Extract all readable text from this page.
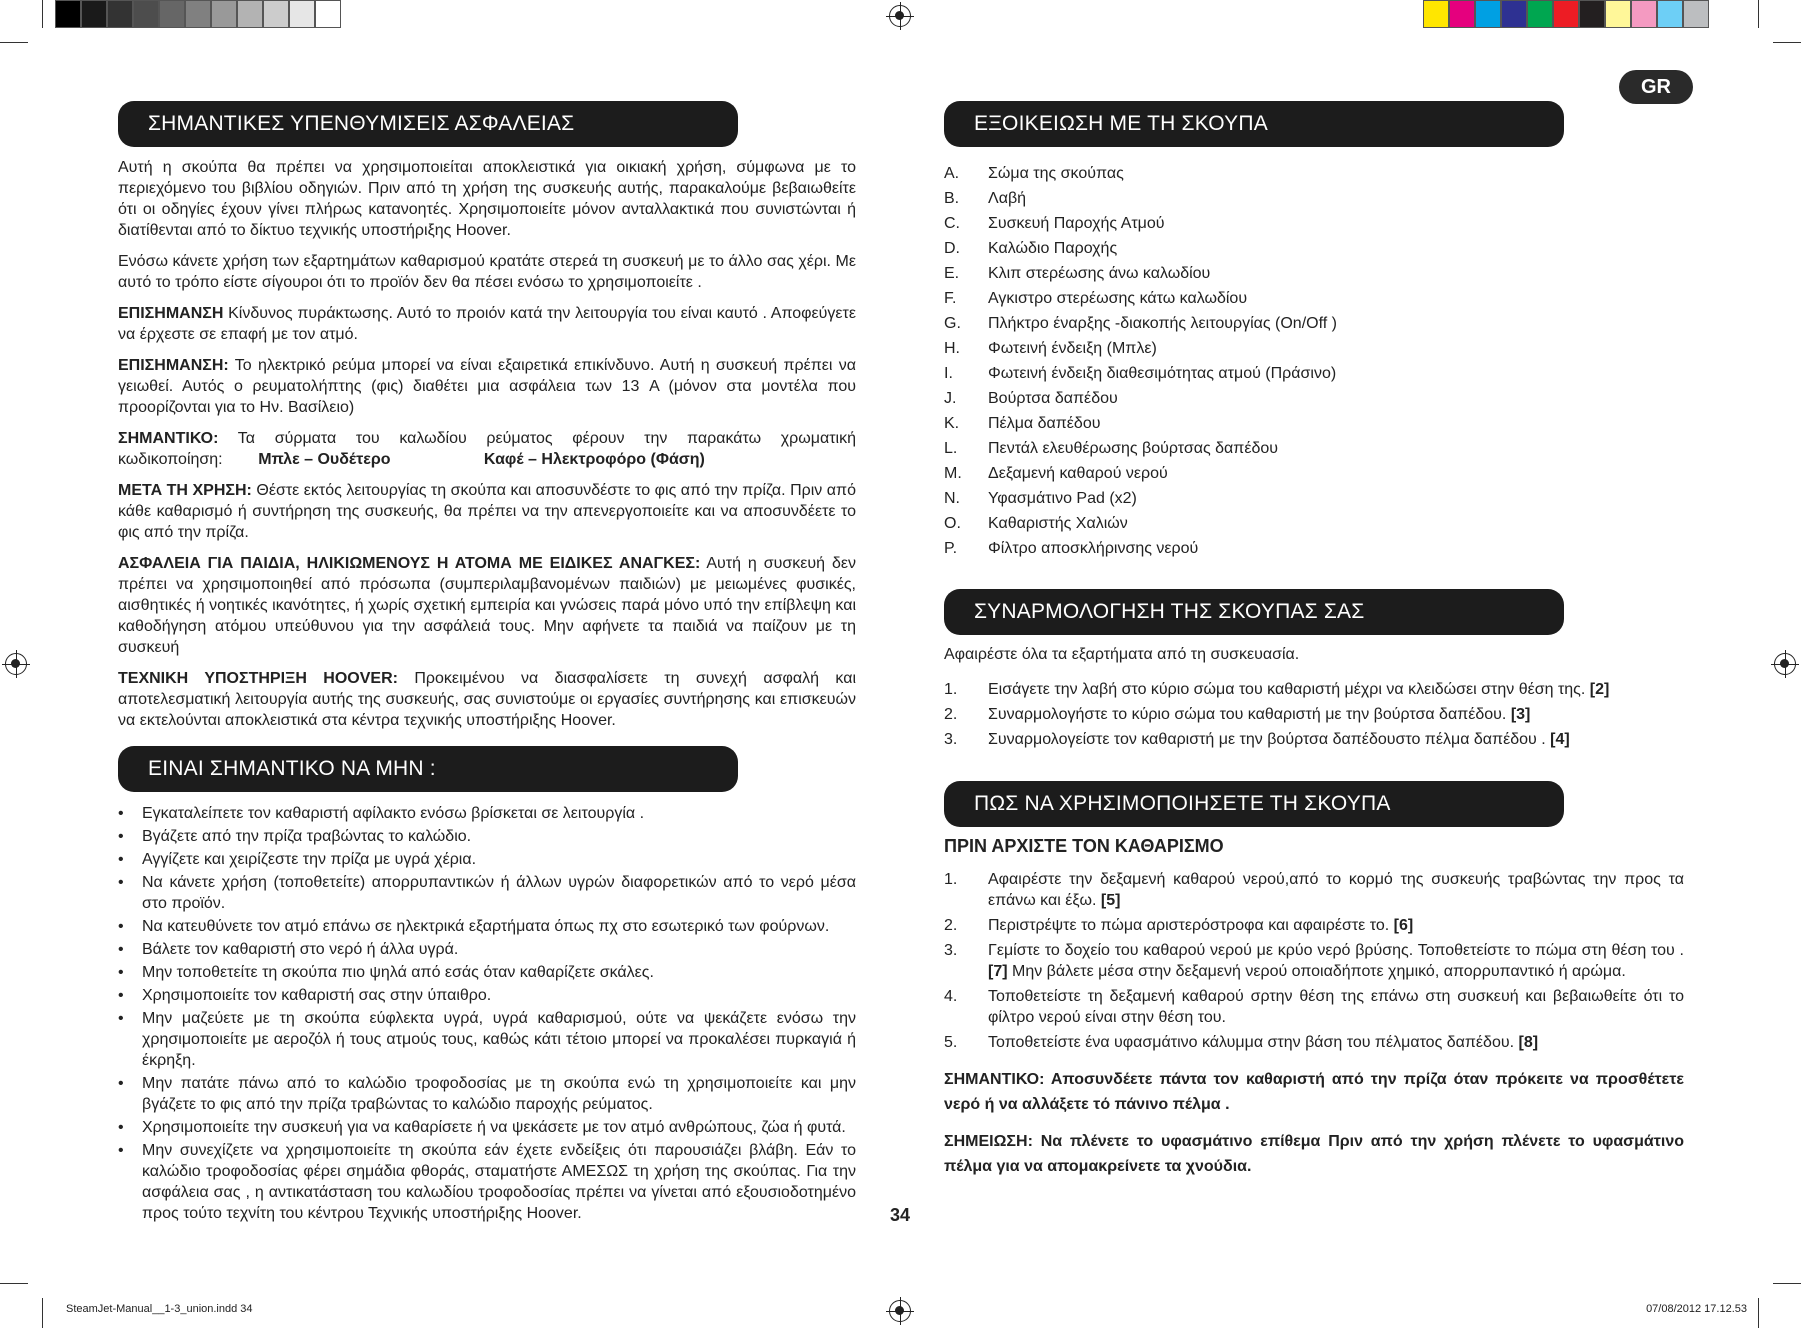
GR
ΣΗΜΑΝΤΙΚΕΣ ΥΠΕΝΘΥΜΙΣΕΙΣ ΑΣΦΑΛΕΙΑΣ

Αυτή η σκούπα θα πρέπει να χρησιμοποιείται αποκλειστικά για οικιακή χρήση, σύμφωνα με το περιεχόμενο του βιβλίου οδηγιών. Πριν από τη χρήση της συσκευής αυτής, παρακαλούμε βεβαιωθείτε ότι οι οδηγίες έχουν γίνει πλήρως κατανοητές. Χρησιμοποιείτε μόνον ανταλλακτικά που συνιστώνται ή διατίθενται από το δίκτυο τεχνικής υποστήριξης Hoover.

Ενόσω κάνετε χρήση των εξαρτημάτων καθαρισμού κρατάτε στερεά τη συσκευή με το άλλο σας χέρι. Με αυτό το τρόπο είστε σίγουροι ότι το προϊόν δεν θα πέσει ενόσω το χρησιμοποιείτε .

ΕΠΙΣΗΜΑΝΣΗ Κίνδυνος πυράκτωσης. Αυτό το προιόν κατά την λειτουργία του είναι καυτό . Αποφεύγετε να έρχεστε σε επαφή με τον ατμό.

ΕΠΙΣΗΜΑΝΣΗ: Το ηλεκτρικό ρεύμα μπορεί να είναι εξαιρετικά επικίνδυνο. Αυτή η συσκευή πρέπει να γειωθεί. Αυτός ο ρευματολήπτης (φις) διαθέτει μια ασφάλεια των 13 A (μόνον στα μοντέλα που προορίζονται για το Ην. Βασίλειο)

ΣΗΜΑΝΤΙΚΟ: Τα σύρματα του καλωδίου ρεύματος φέρουν την παρακάτω χρωματική κωδικοποίηση: Μπλε – Ουδέτερο	Καφέ – Ηλεκτροφόρο (Φάση)

ΜΕΤΑ ΤΗ ΧΡΗΣΗ: Θέστε εκτός λειτουργίας τη σκούπα και αποσυνδέστε το φις από την πρίζα. Πριν από κάθε καθαρισμό ή συντήρηση της συσκευής, θα πρέπει να την απενεργοποιείτε και να αποσυνδέετε το φις από την πρίζα.

ΑΣΦΑΛΕΙΑ ΓΙΑ ΠΑΙΔΙΑ, ΗΛΙΚΙΩΜΕΝΟΥΣ Η ΑΤΟΜΑ ΜΕ ΕΙΔΙΚΕΣ ΑΝΑΓΚΕΣ: Αυτή η συσκευή δεν πρέπει να χρησιμοποιηθεί από πρόσωπα (συμπεριλαμβανομένων παιδιών) με μειωμένες φυσικές, αισθητικές ή νοητικές ικανότητες, ή χωρίς σχετική εμπειρία και γνώσεις παρά μόνο υπό την επίβλεψη και καθοδήγηση ατόμου υπεύθυνου για την ασφάλειά τους. Μην αφήνετε τα παιδιά να παίζουν με τη συσκευή

ΤΕΧΝΙΚΗ ΥΠΟΣΤΗΡΙΞΗ HOOVER: Προκειμένου να διασφαλίσετε τη συνεχή ασφαλή και αποτελεσματική λειτουργία αυτής της συσκευής, σας συνιστούμε οι εργασίες συντήρησης και επισκευών να εκτελούνται αποκλειστικά στα κέντρα τεχνικής υποστήριξης Hoover.

ΕΙΝΑΙ ΣΗΜΑΝΤΙΚΟ ΝΑ ΜΗΝ :
• Εγκαταλείπετε τον καθαριστή αφίλακτο ενόσω βρίσκεται σε λειτουργία .
• Βγάζετε από την πρίζα τραβώντας το καλώδιο.
• Αγγίζετε και χειρίζεστε την πρίζα με υγρά χέρια.
• Να κάνετε χρήση (τοποθετείτε) απορρυπαντικών ή άλλων υγρών διαφορετικών από το νερό μέσα στο προϊόν.
• Να κατευθύνετε τον ατμό επάνω σε ηλεκτρικά εξαρτήματα όπως πχ στο εσωτερικό των φούρνων.
• Βάλετε τον καθαριστή στο νερό ή άλλα υγρά.
• Μην τοποθετείτε τη σκούπα πιο ψηλά από εσάς όταν καθαρίζετε σκάλες.
• Χρησιμοποιείτε τον καθαριστή σας στην ύπαιθρο.
• Μην μαζεύετε με τη σκούπα εύφλεκτα υγρά, υγρά καθαρισμού, ούτε να ψεκάζετε ενόσω την χρησιμοποιείτε με αεροζόλ ή τους ατμούς τους, καθώς κάτι τέτοιο μπορεί να προκαλέσει πυρκαγιά ή έκρηξη.
• Μην πατάτε πάνω από το καλώδιο τροφοδοσίας με τη σκούπα ενώ τη χρησιμοποιείτε και μην βγάζετε το φις από την πρίζα τραβώντας το καλώδιο παροχής ρεύματος.
• Χρησιμοποιείτε την συσκευή για να καθαρίσετε ή να ψεκάσετε με τον ατμό ανθρώπους, ζώα ή φυτά.
• Μην συνεχίζετε να χρησιμοποιείτε τη σκούπα εάν έχετε ενδείξεις ότι παρουσιάζει βλάβη. Εάν το καλώδιο τροφοδοσίας φέρει σημάδια φθοράς, σταματήστε ΑΜΕΣΩΣ τη χρήση της σκούπας. Για την ασφάλεια σας , η αντικατάσταση του καλωδίου τροφοδοσίας πρέπει να γίνεται από εξουσιοδοτημένο προς τούτο τεχνίτη του κέντρου Τεχνικής υποστήριξης Hoover.
ΕΞΟΙΚΕΙΩΣΗ ΜΕ ΤΗ ΣΚΟΥΠΑ
A. Σώμα της σκούπας
B. Λαβή
C. Συσκευή Παροχής Ατμού
D. Καλώδιο Παροχής
E. Κλιπ στερέωσης άνω καλωδίου
F. Αγκιστρο στερέωσης κάτω καλωδίου
G. Πλήκτρο έναρξης -διακοπής λειτουργίας (On/Off )
H. Φωτεινή ένδειξη (Μπλε)
I. Φωτεινή ένδειξη διαθεσιμότητας ατμού (Πράσινο)
J. Βούρτσα δαπέδου
K. Πέλμα δαπέδου
L. Πεντάλ ελευθέρωσης βούρτσας δαπέδου
M. Δεξαμενή καθαρού νερού
N. Υφασμάτινο Pad (x2)
O. Καθαριστής Χαλιών
P. Φίλτρο αποσκλήρινσης νερού
ΣΥΝΑΡΜΟΛΟΓΗΣΗ ΤΗΣ ΣΚΟΥΠΑΣ ΣΑΣ

Αφαιρέστε όλα τα εξαρτήματα από τη συσκευασία.

1. Εισάγετε την λαβή στο κύριο σώμα του καθαριστή μέχρι να κλειδώσει στην θέση της. [2]
2. Συναρμολογήστε το κύριο σώμα του καθαριστή με την βούρτσα δαπέδου. [3]
3. Συναρμολογείστε τον καθαριστή με την βούρτσα δαπέδουστο πέλμα δαπέδου . [4]
ΠΩΣ ΝΑ ΧΡΗΣΙΜΟΠΟΙΗΣΕΤΕ ΤΗ ΣΚΟΥΠΑ
ΠΡΙΝ ΑΡΧΙΣΤΕ ΤΟΝ ΚΑΘΑΡΙΣΜΟ
1. Αφαιρέστε την δεξαμενή καθαρού νερού,από το κορμό της συσκευής τραβώντας την προς τα επάνω και έξω. [5]
2. Περιστρέψτε το πώμα αριστερόστροφα και αφαιρέστε το. [6]
3. Γεμίστε το δοχείο του καθαρού νερού με κρύο νερό βρύσης. Τοποθετείστε το πώμα στη θέση του . [7] Μην βάλετε μέσα στην δεξαμενή νερού οποιαδήποτε χημικό, απορρυπαντικό ή αρώμα.
4. Τοποθετείστε τη δεξαμενή καθαρού σρτην θέση της επάνω στη συσκευή και βεβαιωθείτε ότι το φίλτρο νερού είναι στην θέση του.
5. Τοποθετείστε ένα υφασμάτινο κάλυμμα στην βάση του πέλματος δαπέδου. [8]

ΣΗΜΑΝΤΙΚΟ: Αποσυνδέετε πάντα τον καθαριστή από την πρίζα όταν πρόκειτε να προσθέτετε νερό ή να αλλάξετε τό πάνινο πέλμα .

ΣΗΜΕΙΩΣΗ: Να πλένετε το υφασμάτινο επίθεμα Πριν από την χρήση πλένετε το υφασμάτινο πέλμα για να απομακρείνετε τα χνούδια.

34
SteamJet-Manual__1-3_union.indd 34	07/08/2012 17.12.53
